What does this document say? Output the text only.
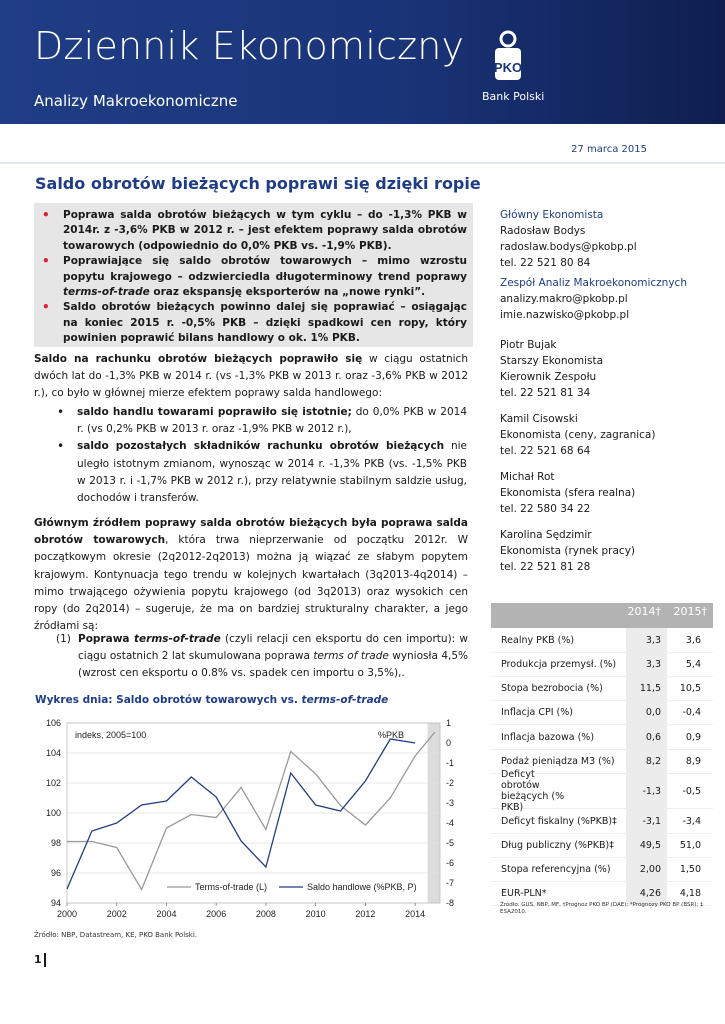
Dziennik Ekonomiczny
Analizy Makroekonomiczne
PKO
Bank Polski
27 marca 2015
Saldo obrotów bieżących poprawi się dzięki ropie
• Poprawa salda obrotów bieżących w tym cyklu – do -1,3% PKB w 2014r. z -3,6% PKB w 2012 r. – jest efektem poprawy salda obrotów towarowych (odpowiednio do 0,0% PKB vs. -1,9% PKB).
• Poprawiające się saldo obrotów towarowych – mimo wzrostu popytu krajowego – odzwierciedla długoterminowy trend poprawy terms-of-trade oraz ekspansję eksporterów na „nowe rynki”.
• Saldo obrotów bieżących powinno dalej się poprawiać – osiągając na koniec 2015 r. -0,5% PKB – dzięki spadkowi cen ropy, który powinien poprawić bilans handlowy o ok. 1% PKB.
Saldo na rachunku obrotów bieżących poprawiło się w ciągu ostatnich dwóch lat do -1,3% PKB w 2014 r. (vs -1,3% PKB w 2013 r. oraz -3,6% PKB w 2012 r.), co było w głównej mierze efektem poprawy salda handlowego:
• saldo handlu towarami poprawiło się istotnie; do 0,0% PKB w 2014 r. (vs 0,2% PKB w 2013 r. oraz -1,9% PKB w 2012 r.),
• saldo pozostałych składników rachunku obrotów bieżących nie uległo istotnym zmianom, wynosząc w 2014 r. -1,3% PKB (vs. -1,5% PKB w 2013 r. i -1,7% PKB w 2012 r.), przy relatywnie stabilnym saldzie usług, dochodów i transferów.
Głównym źródłem poprawy salda obrotów bieżących była poprawa salda obrotów towarowych, która trwa nieprzerwanie od początku 2012r. W początkowym okresie (2q2012-2q2013) można ją wiązać ze słabym popytem krajowym. Kontynuacja tego trendu w kolejnych kwartałach (3q2013-4q2014) – mimo trwającego ożywienia popytu krajowego (od 3q2013) oraz wysokich cen ropy (do 2q2014) – sugeruje, że ma on bardziej strukturalny charakter, a jego źródłami są:
(1) Poprawa terms-of-trade (czyli relacji cen eksportu do cen importu): w ciągu ostatnich 2 lat skumulowana poprawa terms of trade wyniosła 4,5% (wzrost cen eksportu o 0.8% vs. spadek cen importu o 3,5%),.
Wykres dnia: Saldo obrotów towarowych vs. terms-of-trade
106
104
102
100
98
96
94
1
0
-1
-2
-3
-4
-5
-6
-7
-8
2000	2002	2004	2006	2008	2010	2012	2014
indeks, 2005=100	%PKB
Terms-of-trade (L)	Saldo handlowe (%PKB, P)
Źródło: NBP, Datastream, KE, PKO Bank Polski.
1
Główny Ekonomista
Radosław Bodys
radoslaw.bodys@pkobp.pl
tel. 22 521 80 84
Zespół Analiz Makroekonomicznych
analizy.makro@pkobp.pl
imie.nazwisko@pkobp.pl
Piotr Bujak
Starszy Ekonomista
Kierownik Zespołu
tel. 22 521 81 34
Kamil Cisowski
Ekonomista (ceny, zagranica)
tel. 22 521 68 64
Michał Rot
Ekonomista (sfera realna)
tel. 22 580 34 22
Karolina Sędzimir
Ekonomista (rynek pracy)
tel. 22 521 81 28
2014†	2015†
Realny PKB (%)	3,3	3,6
Produkcja przemysł. (%)	3,3	5,4
Stopa bezrobocia (%)	11,5	10,5
Inflacja CPI (%)	0,0	-0,4
Inflacja bazowa (%)	0,6	0,9
Podaż pieniądza M3 (%)	8,2	8,9
Deficyt obrotów bieżących (% PKB)
-1,3	-0,5
Deficyt fiskalny (%PKB)‡	-3,1	-3,4
Dług publiczny (%PKB)‡	49,5	51,0
Stopa referencyjna (%)	2,00	1,50
EUR-PLN*	4,26	4,18
Źródło: GUS, NBP, MF, †Prognoz PKO BP (DAE); *Prognozy PKO BP (BSR); ‡ ESA2010.
